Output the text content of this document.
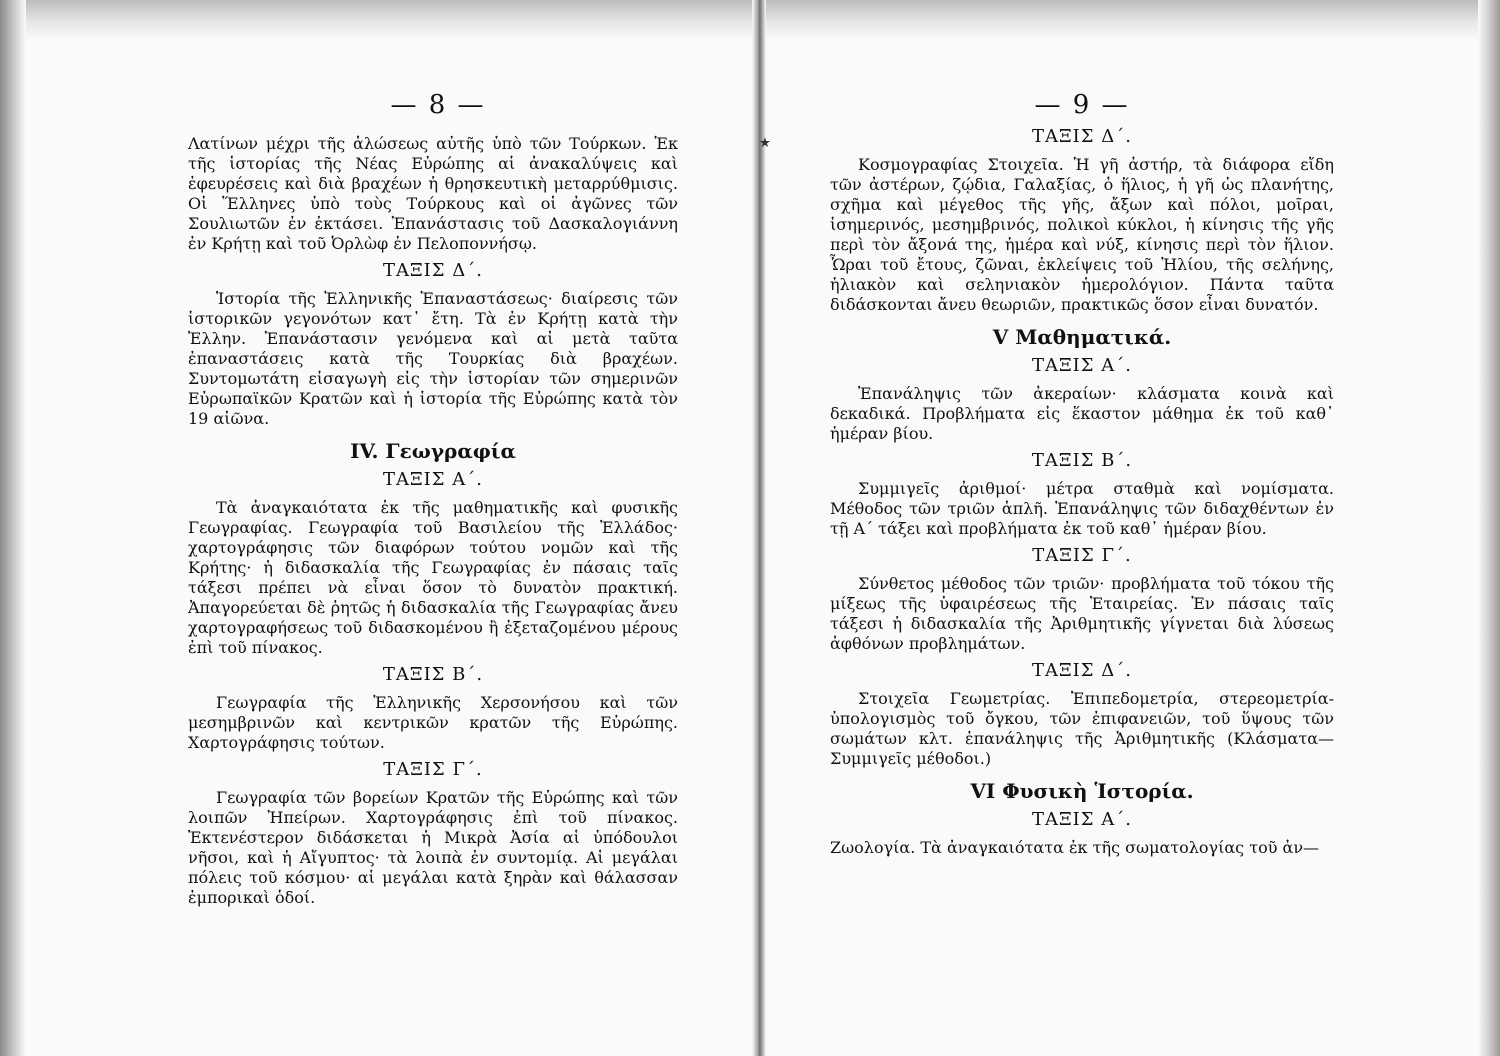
٭
— 8 —

Λατίνων μέχρι τῆς ἁλώσεως αὐτῆς ὑπὸ τῶν Τούρκων. Ἐκ τῆς ἱστορίας τῆς Νέας Εὐρώπης αἱ ἀνακαλύψεις καὶ ἐφευρέσεις καὶ διὰ βραχέων ἡ θρησκευτικὴ μεταρρύθμισις. Οἱ Ἕλληνες ὑπὸ τοὺς Τούρκους καὶ οἱ ἀγῶνες τῶν Σουλιωτῶν ἐν ἐκτάσει. Ἐπανάστασις τοῦ Δασκαλογιάννη ἐν Κρήτῃ καὶ τοῦ Ὀρλὼφ ἐν Πελοποννήσῳ.

ΤΑΞΙΣ Δ΄.

Ἱστορία τῆς Ἑλληνικῆς Ἐπαναστάσεως· διαίρεσις τῶν ἱστορικῶν γεγονότων κατ᾽ ἔτη. Τὰ ἐν Κρήτῃ κατὰ τὴν Ἑλλην. Ἐπανάστασιν γενόμενα καὶ αἱ μετὰ ταῦτα ἐπαναστάσεις κατὰ τῆς Τουρκίας διὰ βραχέων. Συντομωτάτη εἰσαγωγὴ εἰς τὴν ἱστορίαν τῶν σημερινῶν Εὐρωπαϊκῶν Κρατῶν καὶ ἡ ἱστορία τῆς Εὐρώπης κατὰ τὸν 19 αἰῶνα.

IV. Γεωγραφία
ΤΑΞΙΣ Α΄.

Τὰ ἀναγκαιότατα ἐκ τῆς μαθηματικῆς καὶ φυσικῆς Γεωγραφίας. Γεωγραφία τοῦ Βασιλείου τῆς Ἑλλάδος· χαρτογράφησις τῶν διαφόρων τούτου νομῶν καὶ τῆς Κρήτης· ἡ διδασκαλία τῆς Γεωγραφίας ἐν πάσαις ταῖς τάξεσι πρέπει νὰ εἶναι ὅσον τὸ δυνατὸν πρακτική. Ἀπαγορεύεται δὲ ῥητῶς ἡ διδασκαλία τῆς Γεωγραφίας ἄνευ χαρτογραφήσεως τοῦ διδασκομένου ἢ ἐξεταζομένου μέρους ἐπὶ τοῦ πίνακος.

ΤΑΞΙΣ Β΄.

Γεωγραφία τῆς Ἑλληνικῆς Χερσονήσου καὶ τῶν μεσημβρινῶν καὶ κεντρικῶν κρατῶν τῆς Εὐρώπης. Χαρτογράφησις τούτων.

ΤΑΞΙΣ Γ΄.

Γεωγραφία τῶν βορείων Κρατῶν τῆς Εὐρώπης καὶ τῶν λοιπῶν Ἠπείρων. Χαρτογράφησις ἐπὶ τοῦ πίνακος. Ἐκτενέστερον διδάσκεται ἡ Μικρὰ Ἀσία αἱ ὑπόδουλοι νῆσοι, καὶ ἡ Αἴγυπτος· τὰ λοιπὰ ἐν συντομίᾳ. Αἱ μεγάλαι πόλεις τοῦ κόσμου· αἱ μεγάλαι κατὰ ξηρὰν καὶ θάλασσαν ἐμπορικαὶ ὁδοί.

— 9 —
ΤΑΞΙΣ Δ΄.

Κοσμογραφίας Στοιχεῖα. Ἡ γῆ ἀστήρ, τὰ διάφορα εἴδη τῶν ἀστέρων, ζῴδια, Γαλαξίας, ὁ ἥλιος, ἡ γῆ ὡς πλανήτης, σχῆμα καὶ μέγεθος τῆς γῆς, ἄξων καὶ πόλοι, μοῖραι, ἰσημερινός, μεσημβρινός, πολικοὶ κύκλοι, ἡ κίνησις τῆς γῆς περὶ τὸν ἄξονά της, ἡμέρα καὶ νύξ, κίνησις περὶ τὸν ἥλιον. Ὧραι τοῦ ἔτους, ζῶναι, ἐκλείψεις τοῦ Ἡλίου, τῆς σελήνης, ἡλιακὸν καὶ σεληνιακὸν ἡμερολόγιον. Πάντα ταῦτα διδάσκονται ἄνευ θεωριῶν, πρακτικῶς ὅσον εἶναι δυνατόν.

V Μαθηματικά.
ΤΑΞΙΣ Α΄.

Ἐπανάληψις τῶν ἀκεραίων· κλάσματα κοινὰ καὶ δεκαδικά. Προβλήματα εἰς ἕκαστον μάθημα ἐκ τοῦ καθ᾽ ἡμέραν βίου.

ΤΑΞΙΣ Β΄.

Συμμιγεῖς ἀριθμοί· μέτρα σταθμὰ καὶ νομίσματα. Μέθοδος τῶν τριῶν ἁπλῆ. Ἐπανάληψις τῶν διδαχθέντων ἐν τῇ Α΄ τάξει καὶ προβλήματα ἐκ τοῦ καθ᾽ ἡμέραν βίου.

ΤΑΞΙΣ Γ΄.

Σύνθετος μέθοδος τῶν τριῶν· προβλήματα τοῦ τόκου τῆς μίξεως τῆς ὑφαιρέσεως τῆς Ἑταιρείας. Ἐν πάσαις ταῖς τάξεσι ἡ διδασκαλία τῆς Ἀριθμητικῆς γίγνεται διὰ λύσεως ἀφθόνων προβλημάτων.

ΤΑΞΙΣ Δ΄.

Στοιχεῖα Γεωμετρίας. Ἐπιπεδομετρία, στερεομετρία-ὑπολογισμὸς τοῦ ὄγκου, τῶν ἐπιφανειῶν, τοῦ ὕψους τῶν σωμάτων κλτ. ἐπανάληψις τῆς Ἀριθμητικῆς (Κλάσματα— Συμμιγεῖς μέθοδοι.)

VI Φυσικὴ Ἱστορία.
ΤΑΞΙΣ Α΄.

Ζωολογία. Τὰ ἀναγκαιότατα ἐκ τῆς σωματολογίας τοῦ ἀν—
